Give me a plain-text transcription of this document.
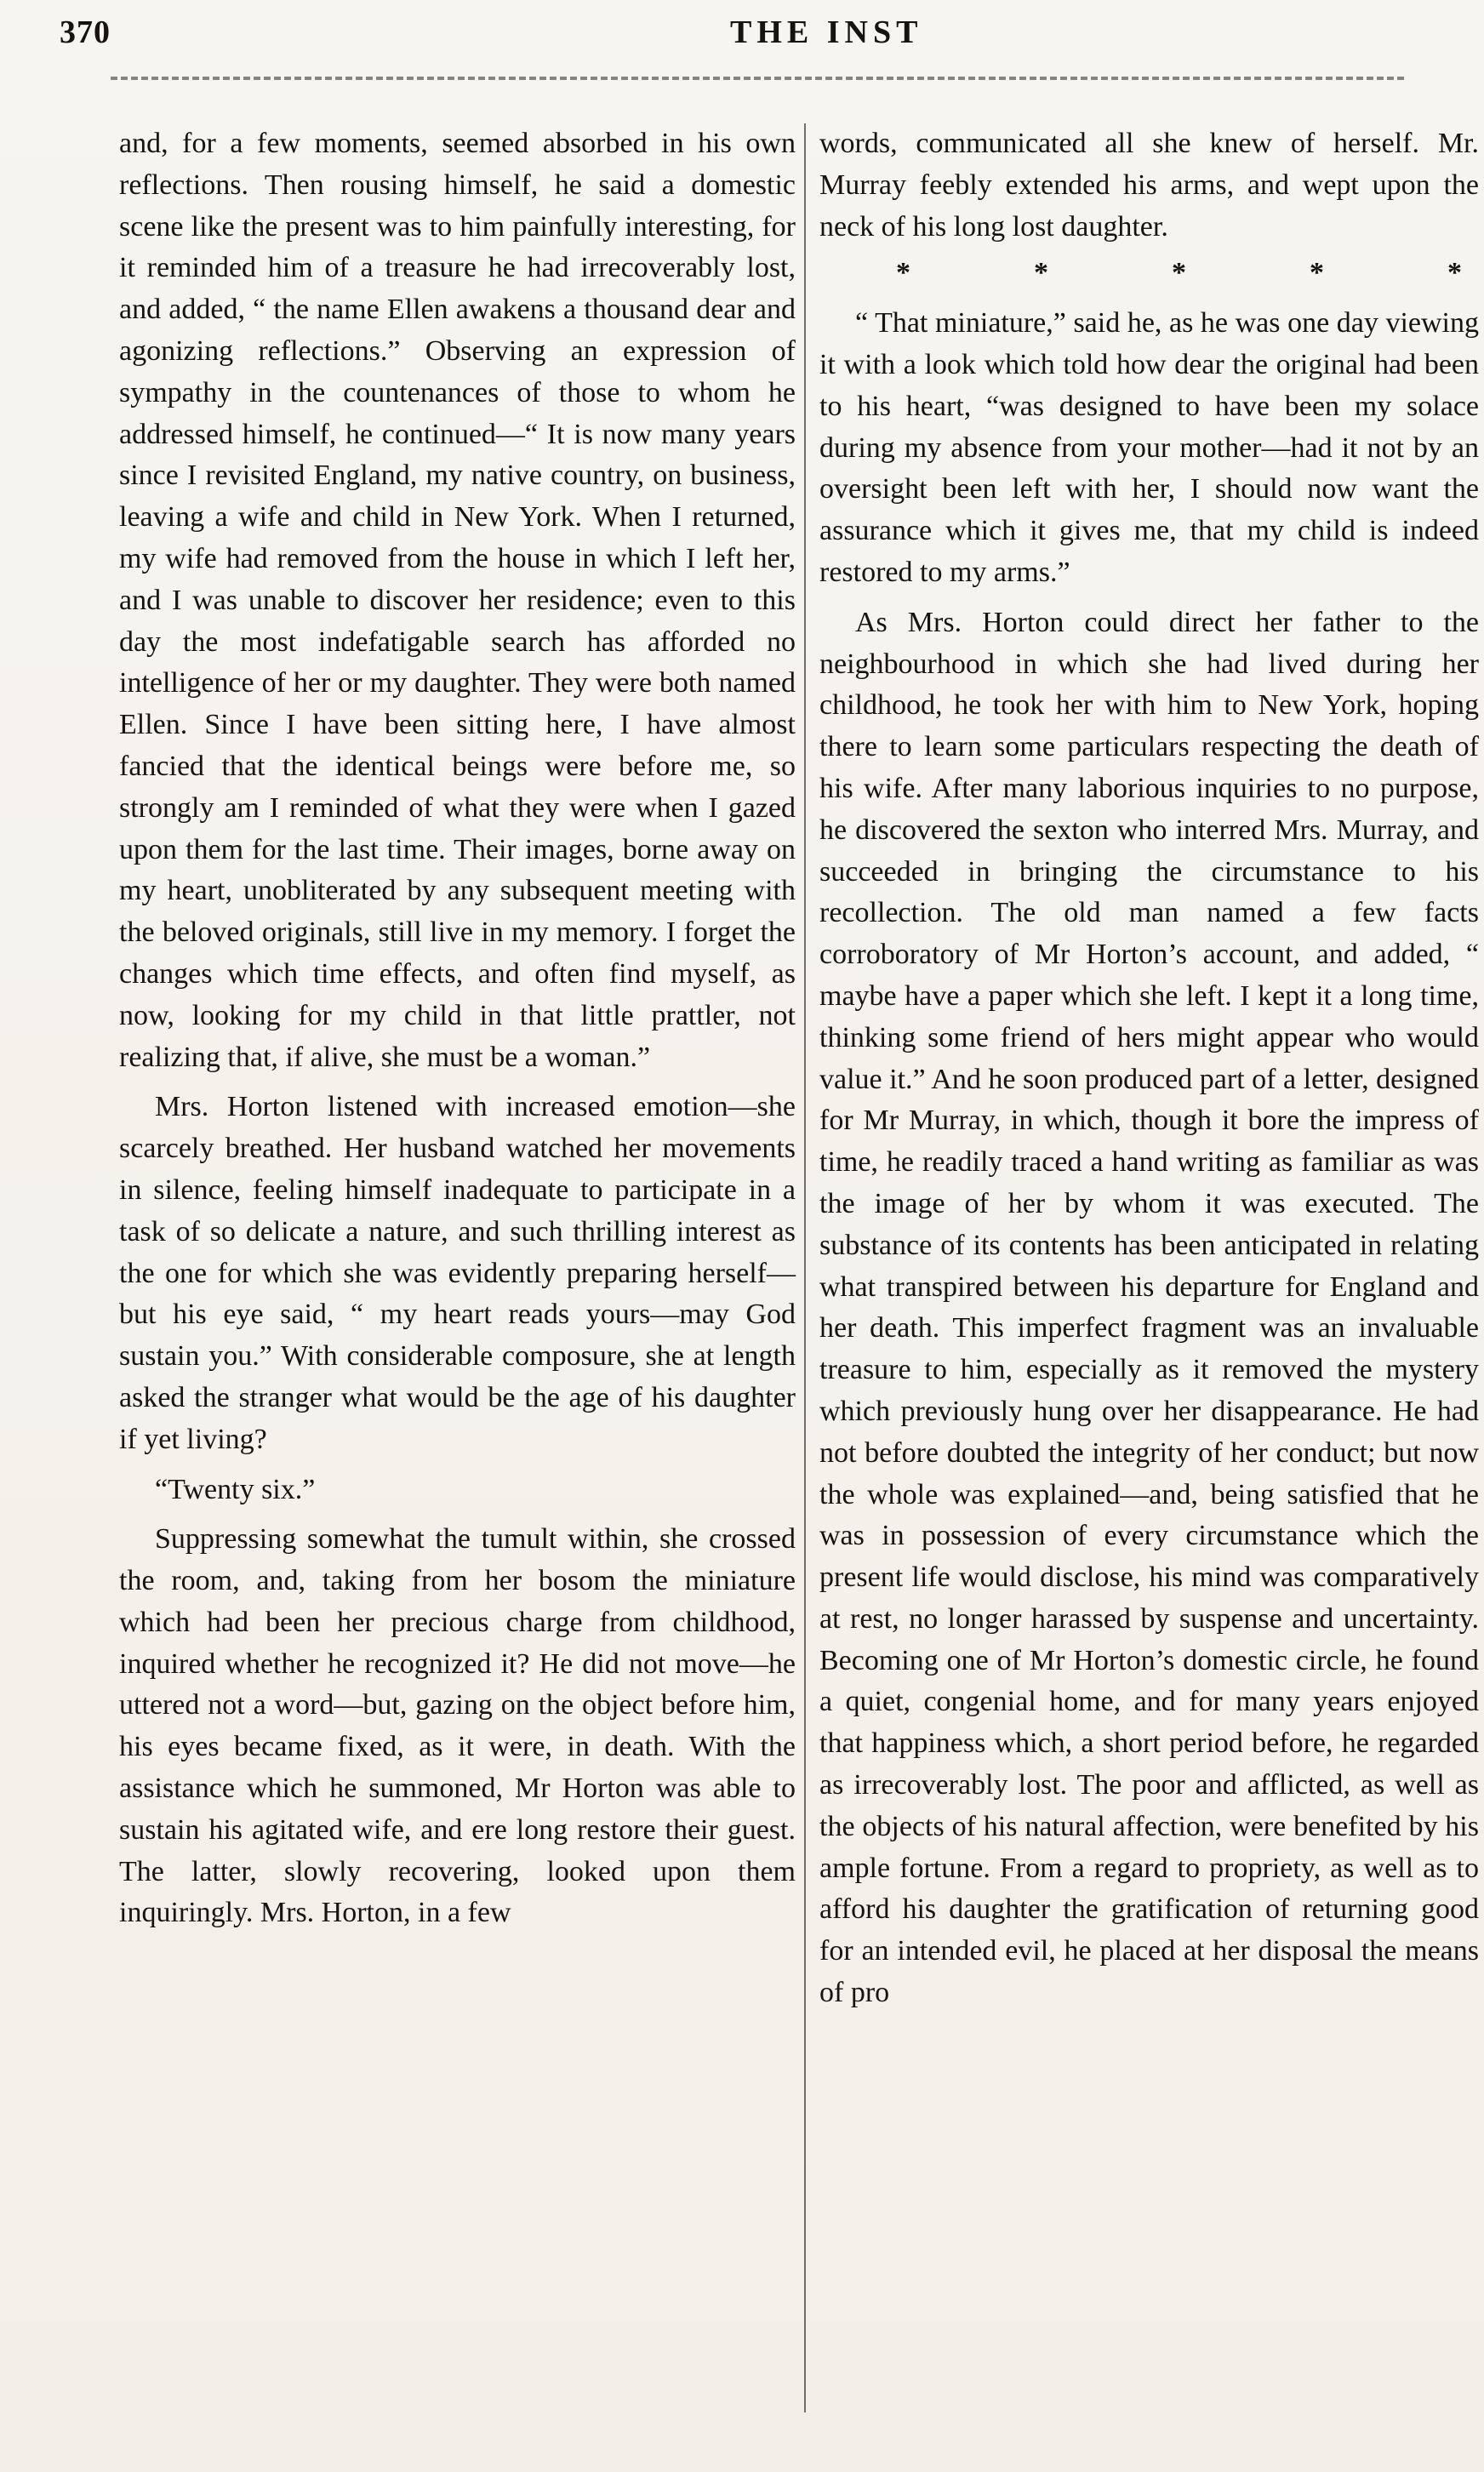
370	THE INST

and, for a few moments, seemed absorbed in his own reflections. Then rousing himself, he said a domestic scene like the present was to him painfully interesting, for it reminded him of a treasure he had irrecoverably lost, and added, “ the name Ellen awakens a thousand dear and agonizing reflections.” Observing an expression of sympathy in the countenances of those to whom he addressed himself, he continued—“ It is now many years since I revisited England, my native country, on business, leaving a wife and child in New York. When I returned, my wife had removed from the house in which I left her, and I was unable to discover her residence; even to this day the most indefatigable search has afforded no intelligence of her or my daughter. They were both named Ellen. Since I have been sitting here, I have almost fancied that the identical beings were before me, so strongly am I reminded of what they were when I gazed upon them for the last time. Their images, borne away on my heart, unobliterated by any subsequent meeting with the beloved originals, still live in my memory. I forget the changes which time effects, and often find myself, as now, looking for my child in that little prattler, not realizing that, if alive, she must be a woman.”

Mrs. Horton listened with increased emotion—she scarcely breathed. Her husband watched her movements in silence, feeling himself inadequate to participate in a task of so delicate a nature, and such thrilling interest as the one for which she was evidently preparing herself—but his eye said, “ my heart reads yours—may God sustain you.” With considerable composure, she at length asked the stranger what would be the age of his daughter if yet living?

“Twenty six.”

Suppressing somewhat the tumult within, she crossed the room, and, taking from her bosom the miniature which had been her precious charge from childhood, inquired whether he recognized it? He did not move—he uttered not a word—but, gazing on the object before him, his eyes became fixed, as it were, in death. With the assistance which he summoned, Mr Horton was able to sustain his agitated wife, and ere long restore their guest. The latter, slowly recovering, looked upon them inquiringly. Mrs. Horton, in a few

words, communicated all she knew of herself. Mr. Murray feebly extended his arms, and wept upon the neck of his long lost daughter.

*	*	*	*	*

“ That miniature,” said he, as he was one day viewing it with a look which told how dear the original had been to his heart, “was designed to have been my solace during my absence from your mother—had it not by an oversight been left with her, I should now want the assurance which it gives me, that my child is indeed restored to my arms.”

As Mrs. Horton could direct her father to the neighbourhood in which she had lived during her childhood, he took her with him to New York, hoping there to learn some particulars respecting the death of his wife. After many laborious inquiries to no purpose, he discovered the sexton who interred Mrs. Murray, and succeeded in bringing the circumstance to his recollection. The old man named a few facts corroboratory of Mr Horton’s account, and added, “ maybe have a paper which she left. I kept it a long time, thinking some friend of hers might appear who would value it.” And he soon produced part of a letter, designed for Mr Murray, in which, though it bore the impress of time, he readily traced a hand writing as familiar as was the image of her by whom it was executed. The substance of its contents has been anticipated in relating what transpired between his departure for England and her death. This imperfect fragment was an invaluable treasure to him, especially as it removed the mystery which previously hung over her disappearance. He had not before doubted the integrity of her conduct; but now the whole was explained—and, being satisfied that he was in possession of every circumstance which the present life would disclose, his mind was comparatively at rest, no longer harassed by suspense and uncertainty. Becoming one of Mr Horton’s domestic circle, he found a quiet, congenial home, and for many years enjoyed that happiness which, a short period before, he regarded as irrecoverably lost. The poor and afflicted, as well as the objects of his natural affection, were benefited by his ample fortune. From a regard to propriety, as well as to afford his daughter the gratification of returning good for an intended evil, he placed at her disposal the means of pro
